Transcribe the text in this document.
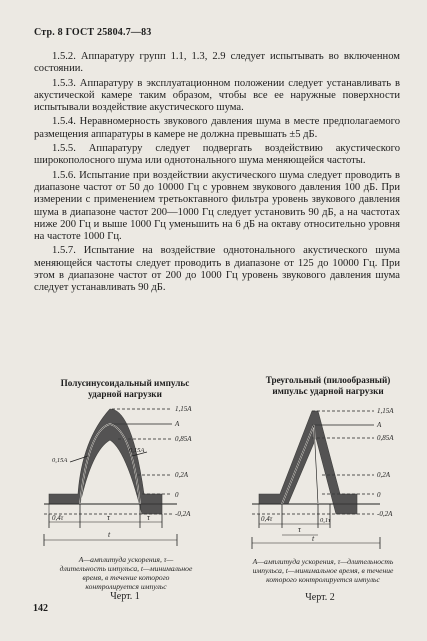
Стр. 8 ГОСТ 25804.7—83

1.5.2. Аппаратуру групп 1.1, 1.3, 2.9 следует испытывать во включенном состоянии.

1.5.3. Аппаратуру в эксплуатационном положении следует устанавливать в акустической камере таким образом, чтобы все ее наружные поверхности испытывали воздействие акустического шума.

1.5.4. Неравномерность звукового давления шума в месте предполагаемого размещения аппаратуры в камере не должна превышать ±5 дБ.

1.5.5. Аппаратуру следует подвергать воздействию акустического широкополосного шума или однотонального шума меняющейся частоты.

1.5.6. Испытание при воздействии акустического шума следует проводить в диапазоне частот от 50 до 10000 Гц с уровнем звукового давления 100 дБ. При измерении с применением третьоктавного фильтра уровень звукового давления шума в диапазоне частот 200—1000 Гц следует установить 90 дБ, а на частотах ниже 200 Гц и выше 1000 Гц уменьшить на 6 дБ на октаву относительно уровня на частоте 1000 Гц.

1.5.7. Испытание на воздействие однотонального акустического шума меняющейся частоты следует проводить в диапазоне от 125 до 10000 Гц. При этом в диапазоне частот от 200 до 1000 Гц уровень звукового давления шума следует устанавливать 90 дБ.

Полусинусоидальный импульс
ударной нагрузки
1,15A
A
0,85A
0,15A
0,15A
0,2A
0
-0,2A
0,4τ	τ	τ
t
А—амплитуда ускорения, τ—длительность импульса, t—минимальное время, в течение которого контролируется импульс
Черт. 1
Треугольный (пилообразный)
импульс ударной нагрузки
1,15A
A
0,85A
0,2A
0
-0,2A
0,4τ	0,1τ
τ
t
А—амплитуда ускорения, τ—длительность импульса, t—минимальное время, в течение которого контролируется импульс
Черт. 2
142
